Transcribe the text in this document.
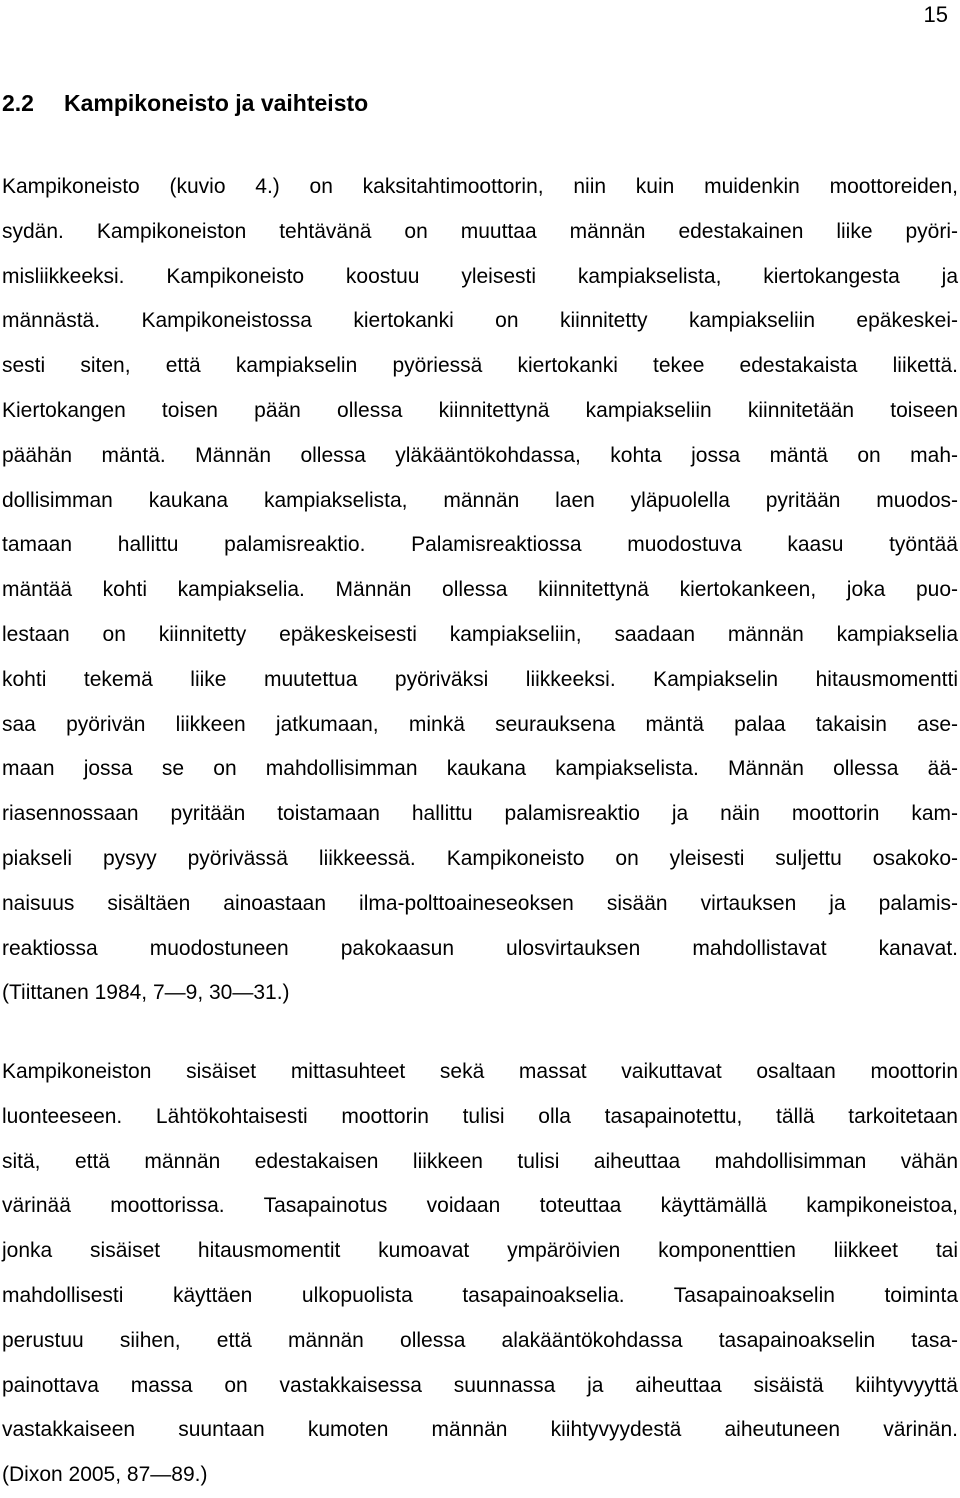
15
2.2 Kampikoneisto ja vaihteisto
Kampikoneisto (kuvio 4.) on kaksitahtimoottorin, niin kuin muidenkin moottoreiden,
sydän. Kampikoneiston tehtävänä on muuttaa männän edestakainen liike pyöri-
misliikkeeksi. Kampikoneisto koostuu yleisesti kampiakselista, kiertokangesta ja
männästä. Kampikoneistossa kiertokanki on kiinnitetty kampiakseliin epäkeskei-
sesti siten, että kampiakselin pyöriessä kiertokanki tekee edestakaista liikettä.
Kiertokangen toisen pään ollessa kiinnitettynä kampiakseliin kiinnitetään toiseen
päähän mäntä. Männän ollessa yläkääntökohdassa, kohta jossa mäntä on mah-
dollisimman kaukana kampiakselista, männän laen yläpuolella pyritään muodos-
tamaan hallittu palamisreaktio. Palamisreaktiossa muodostuva kaasu työntää
mäntää kohti kampiakselia. Männän ollessa kiinnitettynä kiertokankeen, joka puo-
lestaan on kiinnitetty epäkeskeisesti kampiakseliin, saadaan männän kampiakselia
kohti tekemä liike muutettua pyöriväksi liikkeeksi. Kampiakselin hitausmomentti
saa pyörivän liikkeen jatkumaan, minkä seurauksena mäntä palaa takaisin ase-
maan jossa se on mahdollisimman kaukana kampiakselista. Männän ollessa ää-
riasennossaan pyritään toistamaan hallittu palamisreaktio ja näin moottorin kam-
piakseli pysyy pyörivässä liikkeessä. Kampikoneisto on yleisesti suljettu osakoko-
naisuus sisältäen ainoastaan ilma-polttoaineseoksen sisään virtauksen ja palamis-
reaktiossa muodostuneen pakokaasun ulosvirtauksen mahdollistavat kanavat.
(Tiittanen 1984, 7—9, 30—31.)
Kampikoneiston sisäiset mittasuhteet sekä massat vaikuttavat osaltaan moottorin
luonteeseen. Lähtökohtaisesti moottorin tulisi olla tasapainotettu, tällä tarkoitetaan
sitä, että männän edestakaisen liikkeen tulisi aiheuttaa mahdollisimman vähän
värinää moottorissa. Tasapainotus voidaan toteuttaa käyttämällä kampikoneistoa,
jonka sisäiset hitausmomentit kumoavat ympäröivien komponenttien liikkeet tai
mahdollisesti käyttäen ulkopuolista tasapainoakselia. Tasapainoakselin toiminta
perustuu siihen, että männän ollessa alakääntökohdassa tasapainoakselin tasa-
painottava massa on vastakkaisessa suunnassa ja aiheuttaa sisäistä kiihtyvyyttä
vastakkaiseen suuntaan kumoten männän kiihtyvyydestä aiheutuneen värinän.
(Dixon 2005, 87—89.)
